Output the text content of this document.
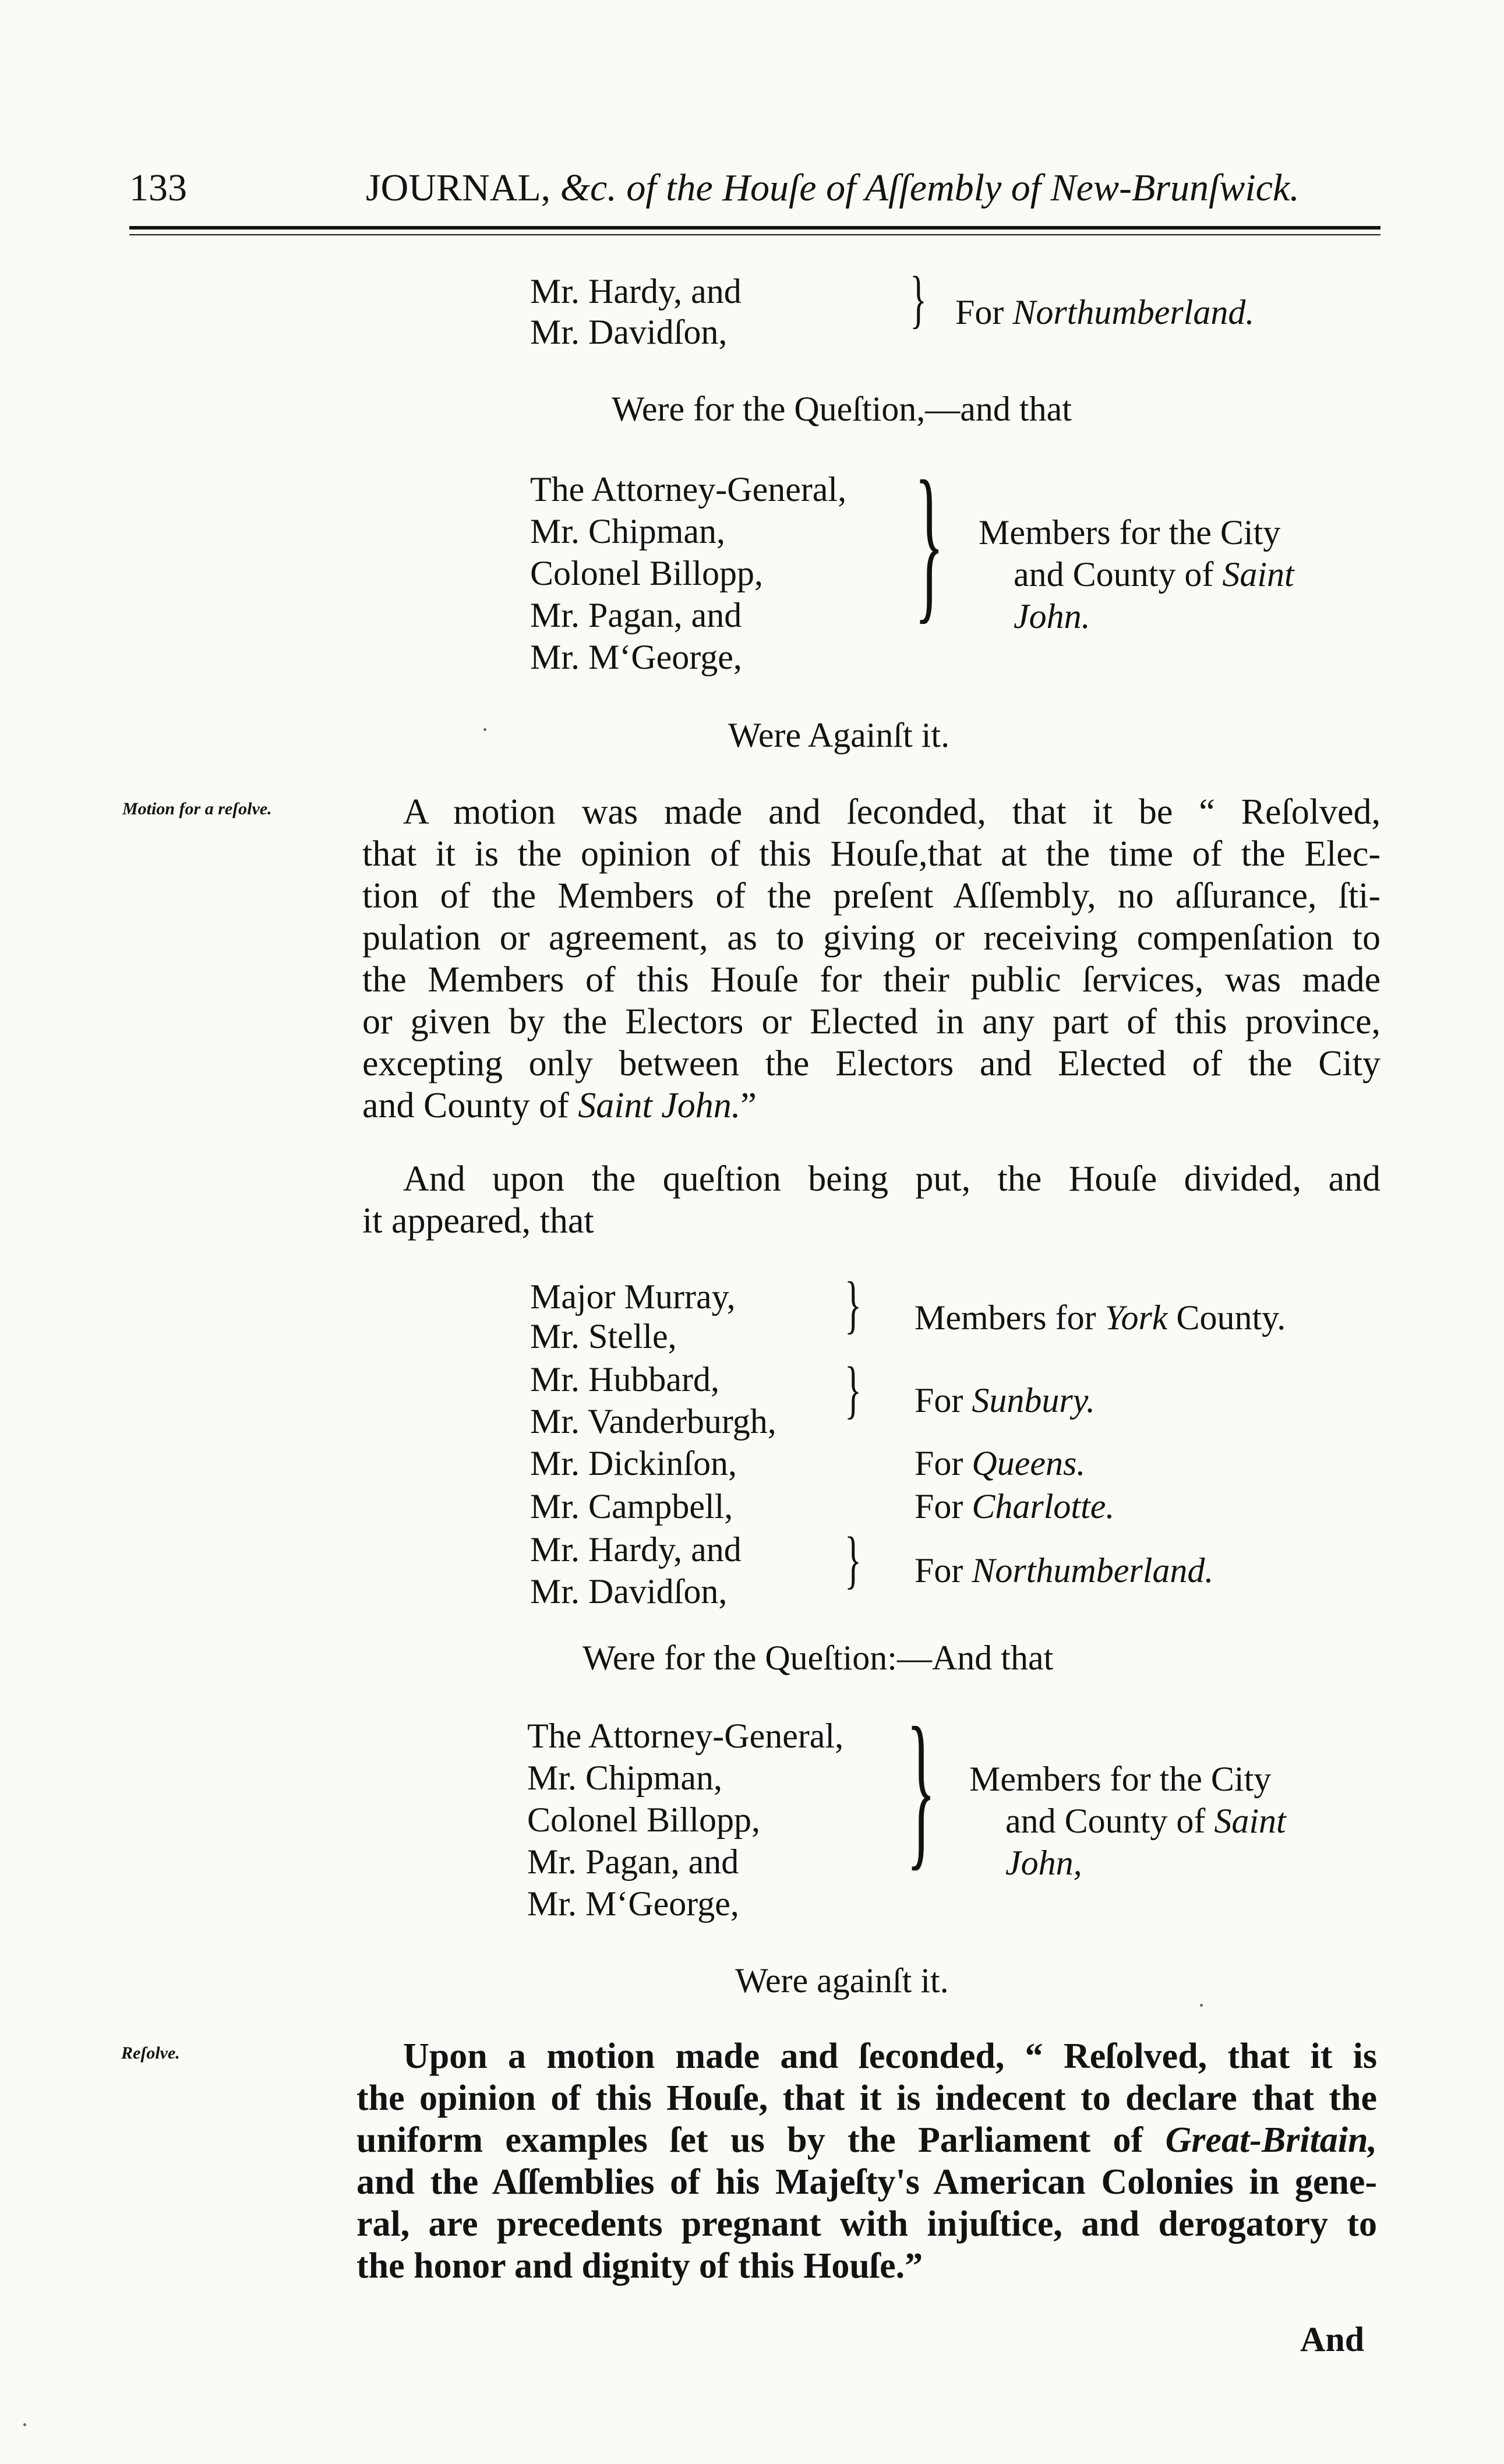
133	JOURNAL, &c. of the Houſe of Aſſembly of New-Brunſwick.
Mr. Hardy, and
Mr. Davidſon,	} For Northumberland.
Were for the Queſtion,—and that
The Attorney-General,
Mr. Chipman,
Colonel Billopp,
Mr. Pagan, and
Mr. M‘George,
} Members for the City
and County of Saint
John.
Were Againſt it.
Motion for a reſolve.	A motion was made and ſeconded, that it be “ Reſolved,
that it is the opinion of this Houſe,that at the time of the Elec-
tion of the Members of the preſent Aſſembly, no aſſurance, ſti-
pulation or agreement, as to giving or receiving compenſation to
the Members of this Houſe for their public ſervices, was made
or given by the Electors or Elected in any part of this province,
excepting only between the Electors and Elected of the City
and County of Saint John.”
And upon the queſtion being put, the Houſe divided, and
it appeared, that
Major Murray,
Mr. Stelle,	} Members for York County.
Mr. Hubbard,
Mr. Vanderburgh, } For Sunbury.
Mr. Dickinſon,	For Queens.
Mr. Campbell,	For Charlotte.
Mr. Hardy, and
Mr. Davidſon, } For Northumberland.
Were for the Queſtion:—And that
The Attorney-General,
Mr. Chipman,
Colonel Billopp,
Mr. Pagan, and
Mr. M‘George,
} Members for the City
and County of Saint
John,
Were againſt it.
Reſolve.	Upon a motion made and ſeconded, “ Reſolved, that it is
the opinion of this Houſe, that it is indecent to declare that the
uniform examples ſet us by the Parliament of Great-Britain,
and the Aſſemblies of his Majeſty's American Colonies in gene-
ral, are precedents pregnant with injuſtice, and derogatory to
the honor and dignity of this Houſe.”
And
